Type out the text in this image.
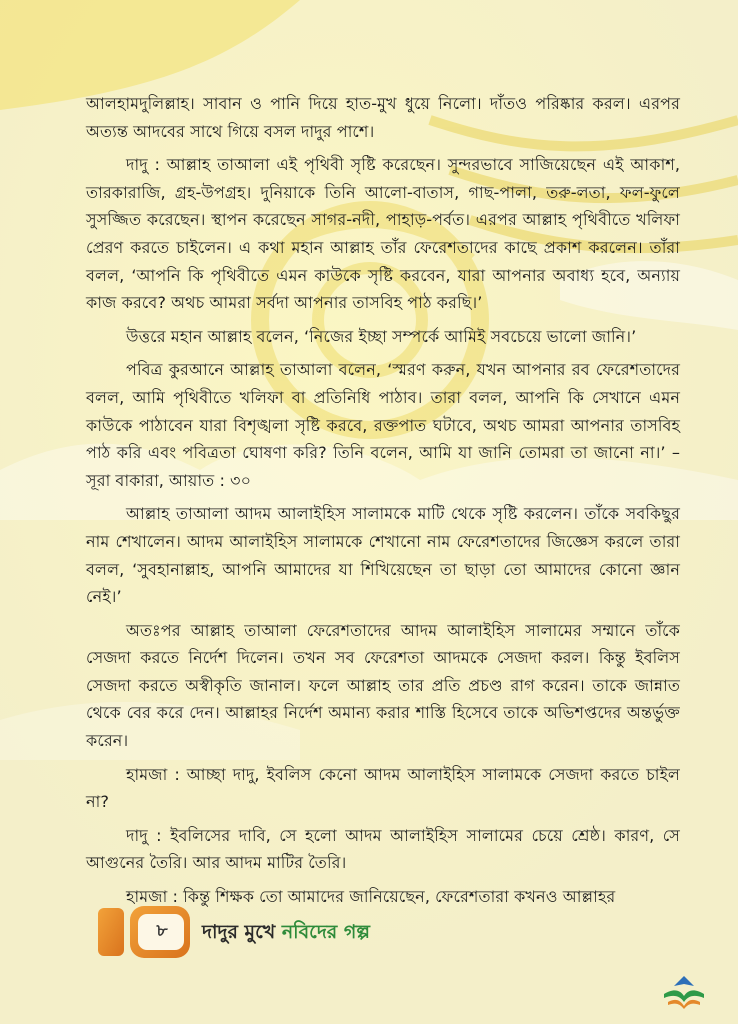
আলহামদুলিল্লাহ। সাবান ও পানি দিয়ে হাত-মুখ ধুয়ে নিলো। দাঁতও পরিষ্কার করল। এরপর অত্যন্ত আদবের সাথে গিয়ে বসল দাদুর পাশে।

দাদু : আল্লাহ তাআলা এই পৃথিবী সৃষ্টি করেছেন। সুন্দরভাবে সাজিয়েছেন এই আকাশ, তারকারাজি, গ্রহ-উপগ্রহ। দুনিয়াকে তিনি আলো-বাতাস, গাছ-পালা, তরু-লতা, ফল-ফুলে সুসজ্জিত করেছেন। স্থাপন করেছেন সাগর-নদী, পাহাড়-পর্বত। এরপর আল্লাহ পৃথিবীতে খলিফা প্রেরণ করতে চাইলেন। এ কথা মহান আল্লাহ তাঁর ফেরেশতাদের কাছে প্রকাশ করলেন। তাঁরা বলল, ‘আপনি কি পৃথিবীতে এমন কাউকে সৃষ্টি করবেন, যারা আপনার অবাধ্য হবে, অন্যায় কাজ করবে? অথচ আমরা সর্বদা আপনার তাসবিহ পাঠ করছি।’

উত্তরে মহান আল্লাহ বলেন, ‘নিজের ইচ্ছা সম্পর্কে আমিই সবচেয়ে ভালো জানি।’

পবিত্র কুরআনে আল্লাহ তাআলা বলেন, ‘স্মরণ করুন, যখন আপনার রব ফেরেশতাদের বলল, আমি পৃথিবীতে খলিফা বা প্রতিনিধি পাঠাব। তারা বলল, আপনি কি সেখানে এমন কাউকে পাঠাবেন যারা বিশৃঙ্খলা সৃষ্টি করবে, রক্তপাত ঘটাবে, অথচ আমরা আপনার তাসবিহ পাঠ করি এবং পবিত্রতা ঘোষণা করি? তিনি বলেন, আমি যা জানি তোমরা তা জানো না।’ – সূরা বাকারা, আয়াত : ৩০

আল্লাহ তাআলা আদম আলাইহিস সালামকে মাটি থেকে সৃষ্টি করলেন। তাঁকে সবকিছুর নাম শেখালেন। আদম আলাইহিস সালামকে শেখানো নাম ফেরেশতাদের জিজ্ঞেস করলে তারা বলল, ‘সুবহানাল্লাহ, আপনি আমাদের যা শিখিয়েছেন তা ছাড়া তো আমাদের কোনো জ্ঞান নেই।’

অতঃপর আল্লাহ তাআলা ফেরেশতাদের আদম আলাইহিস সালামের সম্মানে তাঁকে সেজদা করতে নির্দেশ দিলেন। তখন সব ফেরেশতা আদমকে সেজদা করল। কিন্তু ইবলিস সেজদা করতে অস্বীকৃতি জানাল। ফলে আল্লাহ তার প্রতি প্রচণ্ড রাগ করেন। তাকে জান্নাত থেকে বের করে দেন। আল্লাহর নির্দেশ অমান্য করার শাস্তি হিসেবে তাকে অভিশপ্তদের অন্তর্ভুক্ত করেন।

হামজা : আচ্ছা দাদু, ইবলিস কেনো আদম আলাইহিস সালামকে সেজদা করতে চাইল না?

দাদু : ইবলিসের দাবি, সে হলো আদম আলাইহিস সালামের চেয়ে শ্রেষ্ঠ। কারণ, সে আগুনের তৈরি। আর আদম মাটির তৈরি।

হামজা : কিন্তু শিক্ষক তো আমাদের জানিয়েছেন, ফেরেশতারা কখনও আল্লাহর

৮	দাদুর মুখে নবিদের গল্প
